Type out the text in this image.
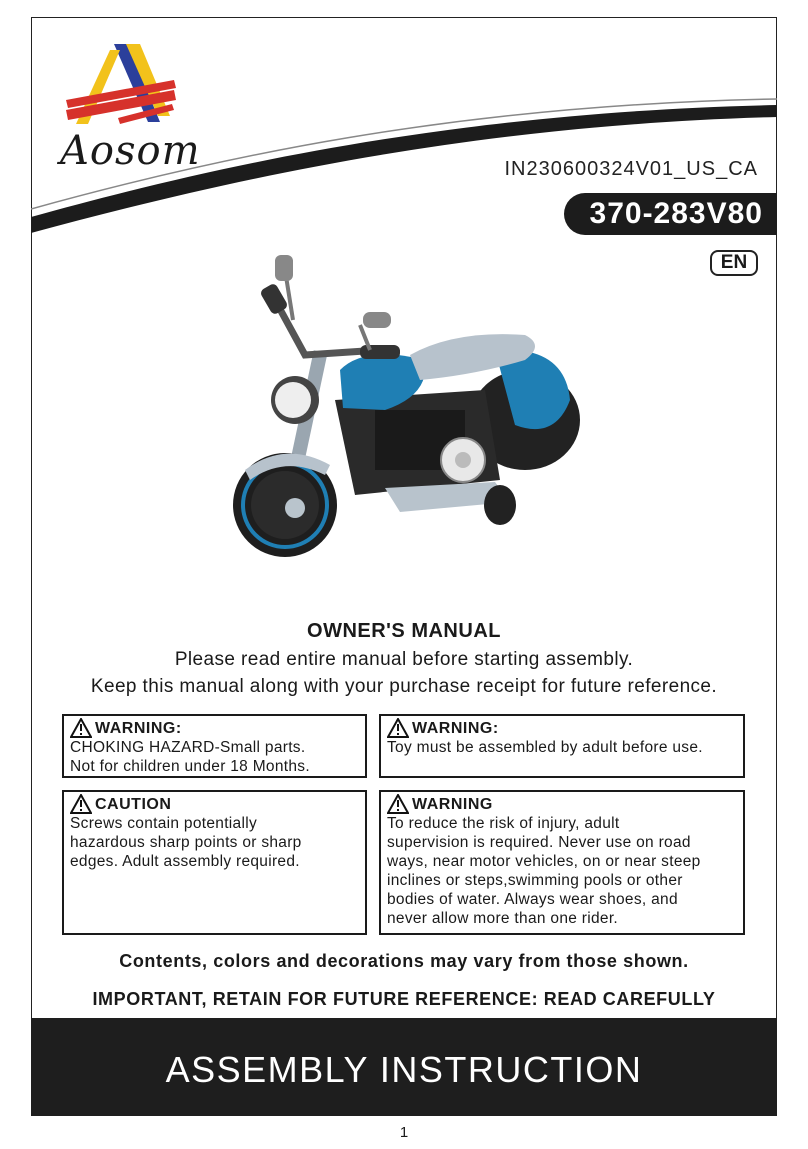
Aosom	IN230600324V01_US_CA
370-283V80
EN
OWNER'S MANUAL
Please read entire manual before starting assembly.
Keep this manual along with your purchase receipt for future reference.
WARNING:
CHOKING HAZARD-Small parts.
Not for children under 18 Months.
WARNING:
Toy must be assembled by adult before use.
CAUTION
Screws contain potentially
hazardous sharp points or sharp
edges. Adult assembly required.
WARNING
To reduce the risk of injury, adult
supervision is required. Never use on road
ways, near motor vehicles, on or near steep
inclines or steps,swimming pools or other
bodies of water. Always wear shoes, and
never allow more than one rider.
Contents, colors and decorations may vary from those shown.
IMPORTANT, RETAIN FOR FUTURE REFERENCE: READ CAREFULLY
ASSEMBLY INSTRUCTION
1
